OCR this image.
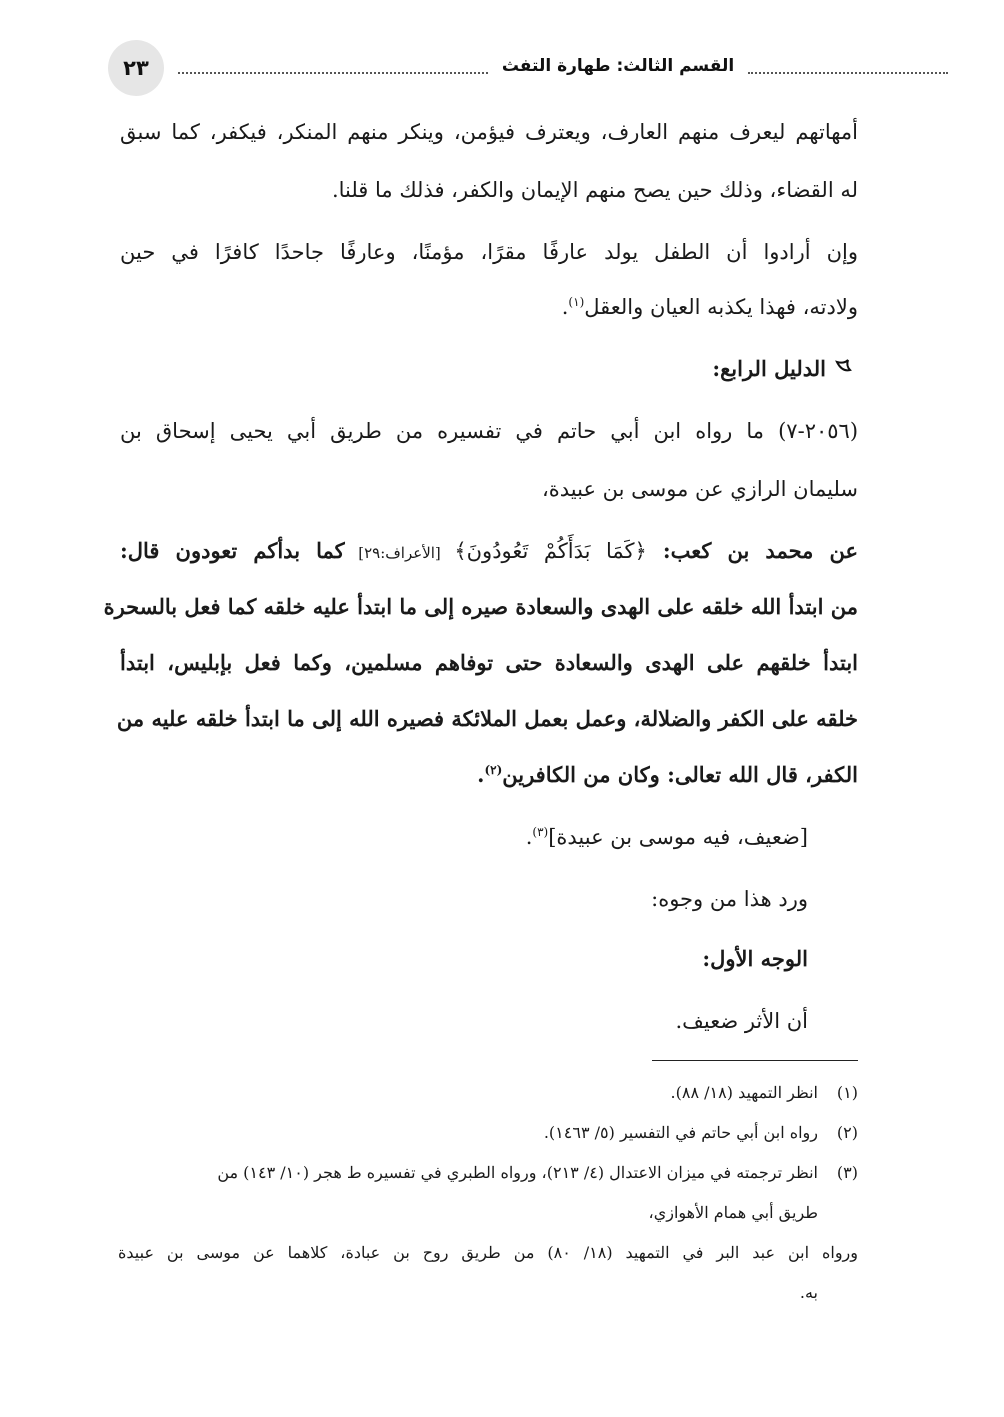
٢٣	القسم الثالث: طهارة التفث
أمهاتهم ليعرف منهم العارف، ويعترف فيؤمن، وينكر منهم المنكر، فيكفر، كما سبق
له القضاء، وذلك حين يصح منهم الإيمان والكفر، فذلك ما قلنا.
وإن أرادوا أن الطفل يولد عارفًا مقرًا، مؤمنًا، وعارفًا جاحدًا كافرًا في حين
ولادته، فهذا يكذبه العيان والعقل$^{(١)}$.
الدليل الرابع:
(٢٠٥٦-٧) ما رواه ابن أبي حاتم في تفسيره من طريق أبي يحيى إسحاق بن
سليمان الرازي عن موسى بن عبيدة،
عن محمد بن كعب: ﴿كَمَا بَدَأَكُمْ تَعُودُونَ﴾ [الأعراف:٢٩] كما بدأكم تعودون قال:
من ابتدأ الله خلقه على الهدى والسعادة صيره إلى ما ابتدأ عليه خلقه كما فعل بالسحرة
ابتدأ خلقهم على الهدى والسعادة حتى توفاهم مسلمين، وكما فعل بإبليس، ابتدأ
خلقه على الكفر والضلالة، وعمل بعمل الملائكة فصيره الله إلى ما ابتدأ خلقه عليه من
الكفر، قال الله تعالى: وكان من الكافرين$^{(٢)}$.
[ضعيف، فيه موسى بن عبيدة]$^{(٣)}$.
ورد هذا من وجوه:
الوجه الأول:
أن الأثر ضعيف.
(١)انظر التمهيد (١٨/ ٨٨).
(٢)رواه ابن أبي حاتم في التفسير (٥/ ١٤٦٣).
(٣)انظر ترجمته في ميزان الاعتدال (٤/ ٢١٣)، ورواه الطبري في تفسيره ط هجر (١٠/ ١٤٣) من
طريق أبي همام الأهوازي،
ورواه ابن عبد البر في التمهيد (١٨/ ٨٠) من طريق روح بن عبادة، كلاهما عن موسى بن عبيدة
به.
